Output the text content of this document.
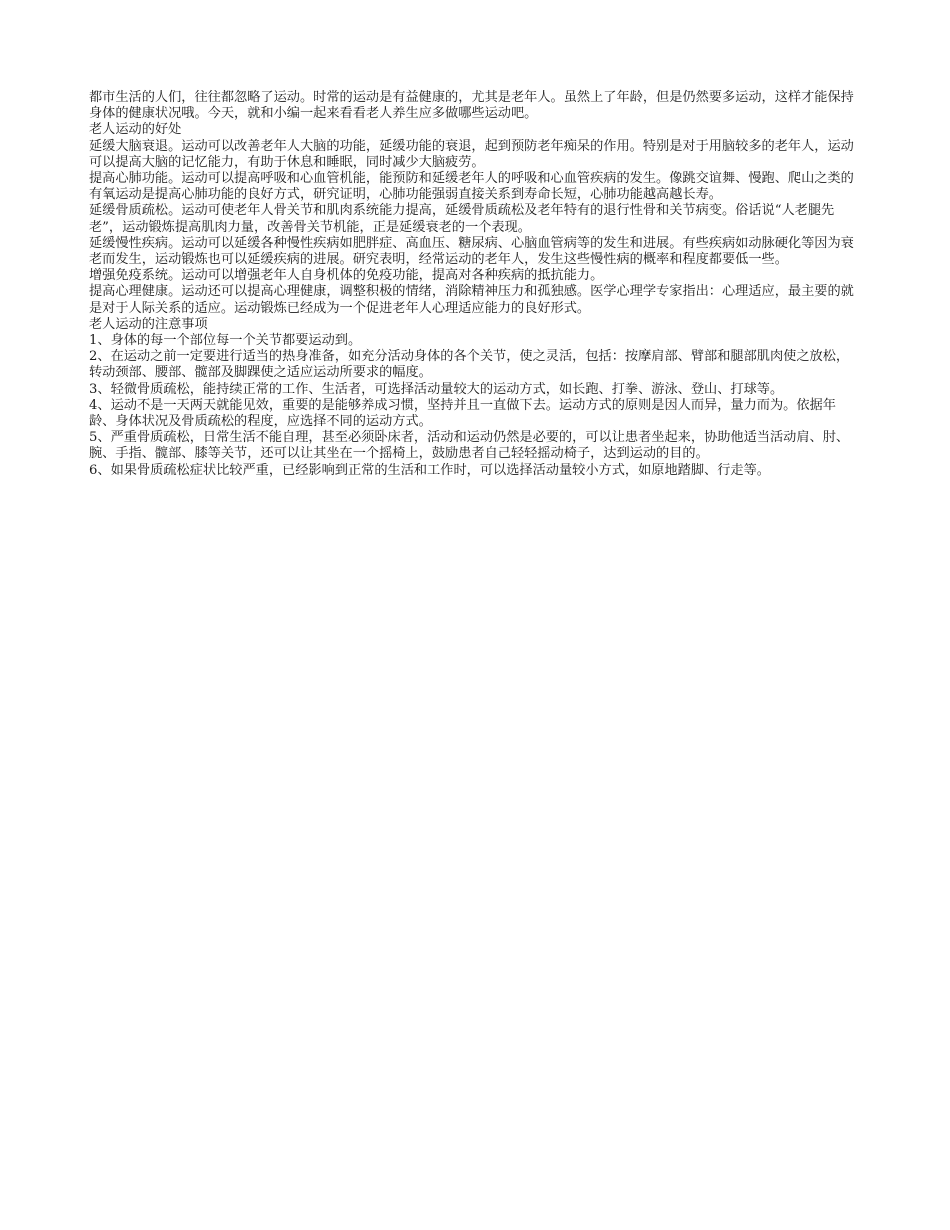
都市生活的人们，往往都忽略了运动。时常的运动是有益健康的，尤其是老年人。虽然上了年龄，但是仍然要多运动，这样才能保持身体的健康状况哦。今天，就和小编一起来看看老人养生应多做哪些运动吧。

老人运动的好处

延缓大脑衰退。运动可以改善老年人大脑的功能，延缓功能的衰退，起到预防老年痴呆的作用。特别是对于用脑较多的老年人，运动可以提高大脑的记忆能力，有助于休息和睡眠，同时减少大脑疲劳。

提高心肺功能。运动可以提高呼吸和心血管机能，能预防和延缓老年人的呼吸和心血管疾病的发生。像跳交谊舞、慢跑、爬山之类的有氧运动是提高心肺功能的良好方式，研究证明，心肺功能强弱直接关系到寿命长短，心肺功能越高越长寿。

延缓骨质疏松。运动可使老年人骨关节和肌肉系统能力提高，延缓骨质疏松及老年特有的退行性骨和关节病变。俗话说“人老腿先老”，运动锻炼提高肌肉力量，改善骨关节机能，正是延缓衰老的一个表现。

延缓慢性疾病。运动可以延缓各种慢性疾病如肥胖症、高血压、糖尿病、心脑血管病等的发生和进展。有些疾病如动脉硬化等因为衰老而发生，运动锻炼也可以延缓疾病的进展。研究表明，经常运动的老年人，发生这些慢性病的概率和程度都要低一些。

增强免疫系统。运动可以增强老年人自身机体的免疫功能，提高对各种疾病的抵抗能力。

提高心理健康。运动还可以提高心理健康，调整积极的情绪，消除精神压力和孤独感。医学心理学专家指出：心理适应，最主要的就是对于人际关系的适应。运动锻炼已经成为一个促进老年人心理适应能力的良好形式。

老人运动的注意事项

1、身体的每一个部位每一个关节都要运动到。

2、在运动之前一定要进行适当的热身准备，如充分活动身体的各个关节，使之灵活，包括：按摩肩部、臂部和腿部肌肉使之放松，转动颈部、腰部、髋部及脚踝使之适应运动所要求的幅度。

3、轻微骨质疏松，能持续正常的工作、生活者，可选择活动量较大的运动方式，如长跑、打拳、游泳、登山、打球等。

4、运动不是一天两天就能见效，重要的是能够养成习惯，坚持并且一直做下去。运动方式的原则是因人而异，量力而为。依据年龄、身体状况及骨质疏松的程度，应选择不同的运动方式。

5、严重骨质疏松，日常生活不能自理，甚至必须卧床者，活动和运动仍然是必要的，可以让患者坐起来，协助他适当活动肩、肘、腕、手指、髋部、膝等关节，还可以让其坐在一个摇椅上，鼓励患者自己轻轻摇动椅子，达到运动的目的。

6、如果骨质疏松症状比较严重，已经影响到正常的生活和工作时，可以选择活动量较小方式，如原地踏脚、行走等。
